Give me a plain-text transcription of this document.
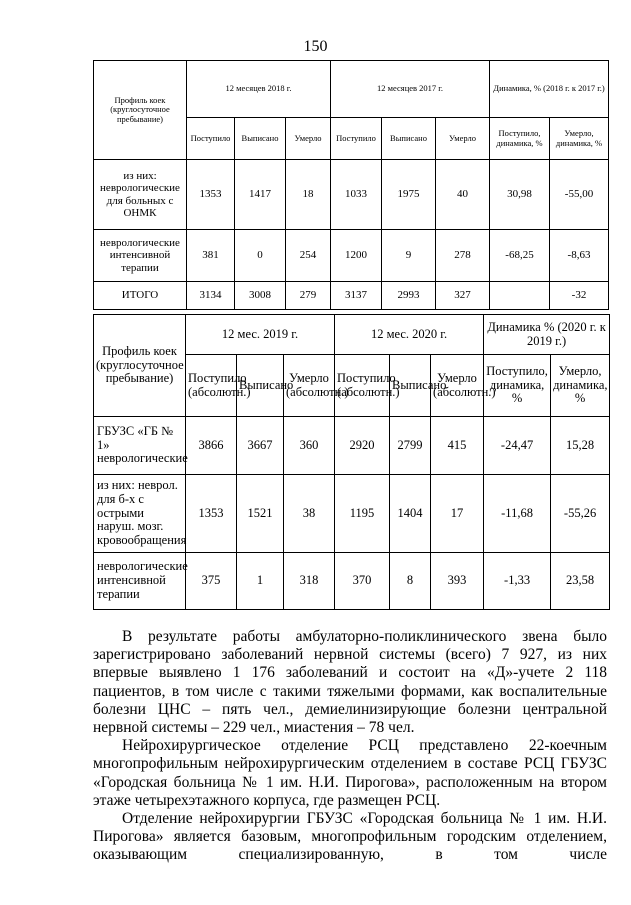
150
Профиль коек (круглосуточное пребывание)	12 месяцев 2018 г.			12 месяцев 2017 г.			Динамика, % (2018 г. к 2017 г.)	
	Поступило	Выписано	Умерло	Поступило	Выписано	Умерло	Поступило, динамика, %	Умерло, динамика, %
из них: неврологические для больных с ОНМК	1353	1417	18	1033	1975	40	30,98	-55,00
неврологические интенсивной терапии	381	0	254	1200	9	278	-68,25	-8,63
ИТОГО	3134	3008	279	3137	2993	327		-32
Профиль коек (круглосуточное пребывание)	12 мес. 2019 г.			12 мес. 2020 г.			Динамика % (2020 г. к 2019 г.)	
	Поступило (абсолютн.)	Выписано	Умерло (абсолютн.)	Поступило (абсолютн.)	Выписано	Умерло (абсолютн.)	Поступило, динамика, %	Умерло, динамика, %
ГБУЗС «ГБ № 1» неврологические	3866	3667	360	2920	2799	415	-24,47	15,28
из них: неврол. для б-х с острыми наруш. мозг. кровообращения	1353	1521	38	1195	1404	17	-11,68	-55,26
неврологические интенсивной терапии	375	1	318	370	8	393	-1,33	23,58

В результате работы амбулаторно-поликлинического звена было зарегистрировано заболеваний нервной системы (всего) 7 927, из них впервые выявлено 1 176 заболеваний и состоит на «Д»-учете 2 118 пациентов, в том числе с такими тяжелыми формами, как воспалительные болезни ЦНС – пять чел., демиелинизирующие болезни центральной нервной системы – 229 чел., миастения – 78 чел.

Нейрохирургическое отделение РСЦ представлено 22-коечным многопрофильным нейрохирургическим отделением в составе РСЦ ГБУЗС «Городская больница № 1 им. Н.И. Пирогова», расположенным на втором этаже четырехэтажного корпуса, где размещен РСЦ.

Отделение нейрохирургии ГБУЗС «Городская больница № 1 им. Н.И. Пирогова» является базовым, многопрофильным городским отделением, оказывающим специализированную, в том числе
